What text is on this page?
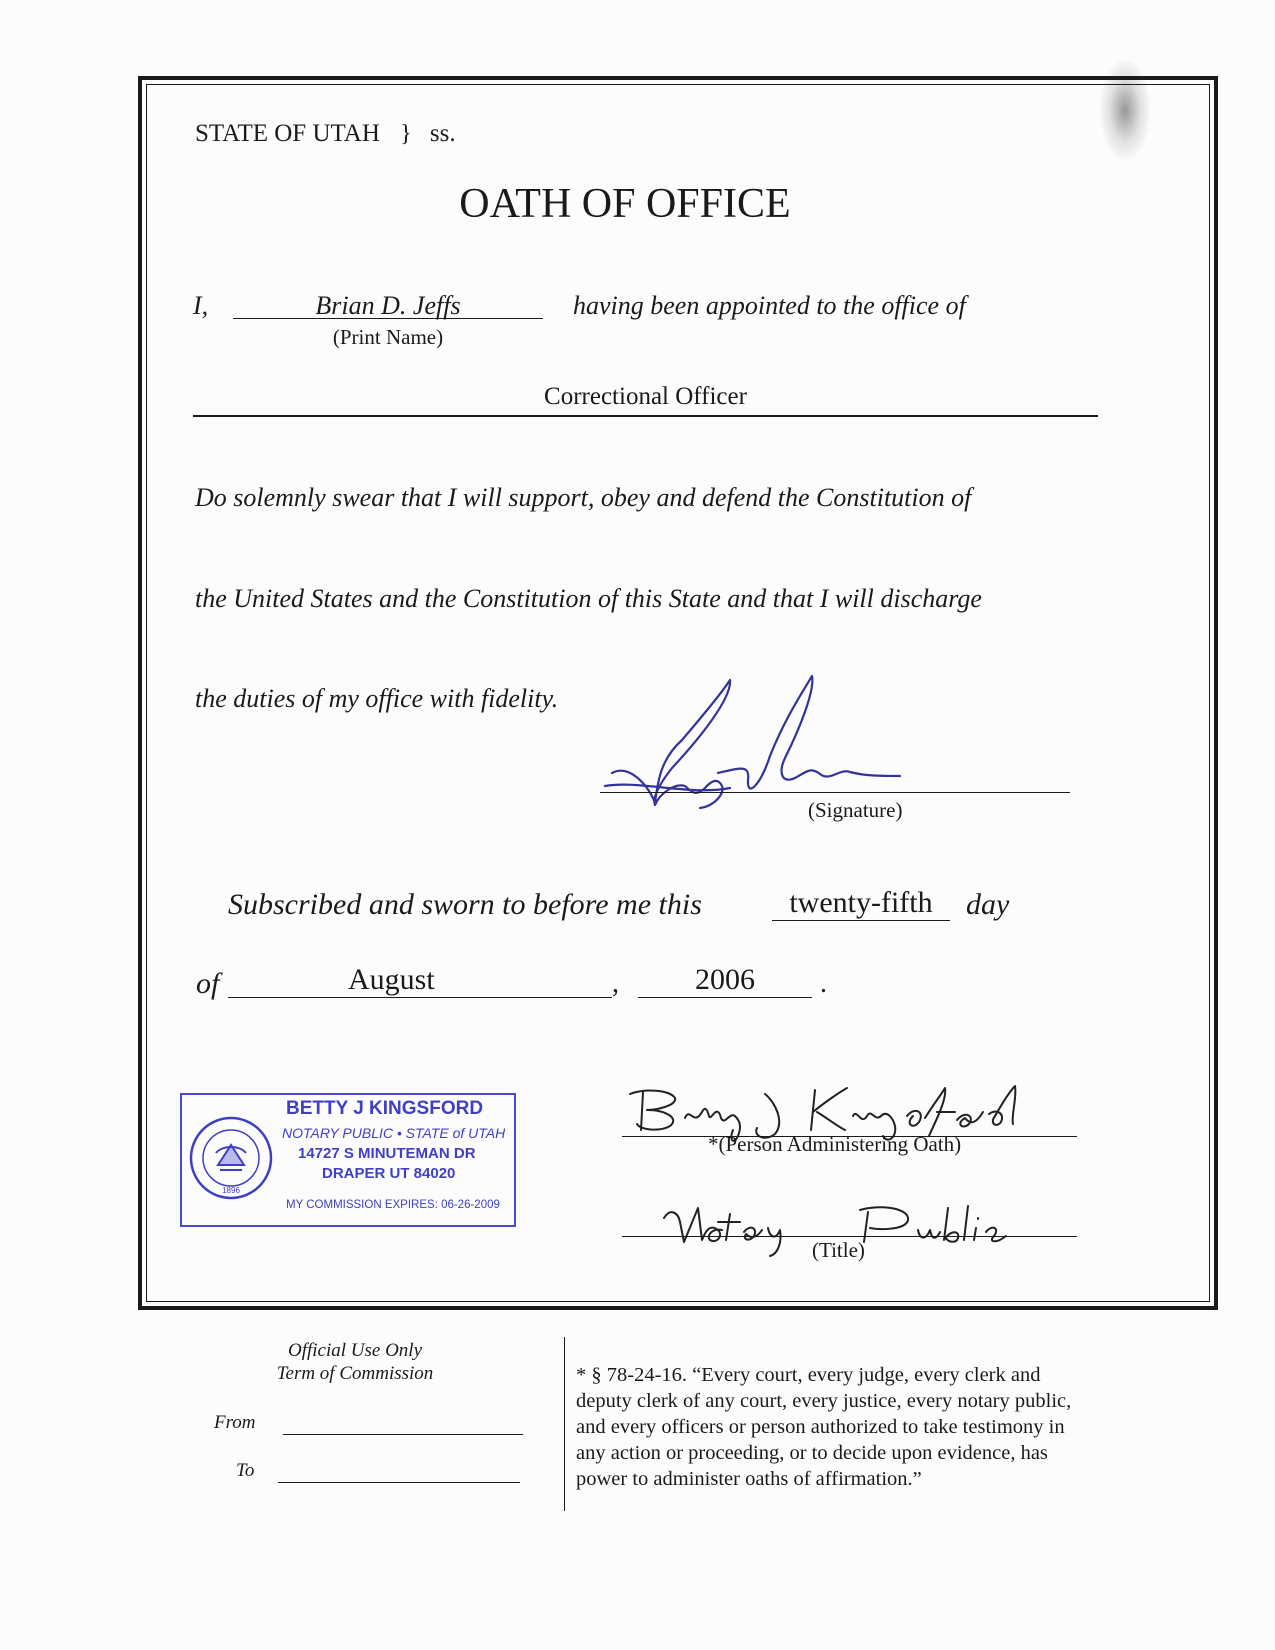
STATE OF UTAH } ss.
OATH OF OFFICE
I,	Brian D. Jeffs
(Print Name)
having been appointed to the office of
Correctional Officer
Do solemnly swear that I will support, obey and defend the Constitution of
the United States and the Constitution of this State and that I will discharge
the duties of my office with fidelity.
(Signature)
Subscribed and sworn to before me this	twenty-fifth	day
of	August	,	2006	.
1896
BETTY J KINGSFORD
NOTARY PUBLIC • STATE of UTAH
14727 S MINUTEMAN DR
DRAPER UT 84020
MY COMMISSION EXPIRES: 06-26-2009
*(Person Administering Oath)
(Title)
Official Use Only
Term of Commission
From
To
* § 78-24-16. “Every court, every judge, every clerk and
deputy clerk of any court, every justice, every notary public,
and every officers or person authorized to take testimony in
any action or proceeding, or to decide upon evidence, has
power to administer oaths of affirmation.”
